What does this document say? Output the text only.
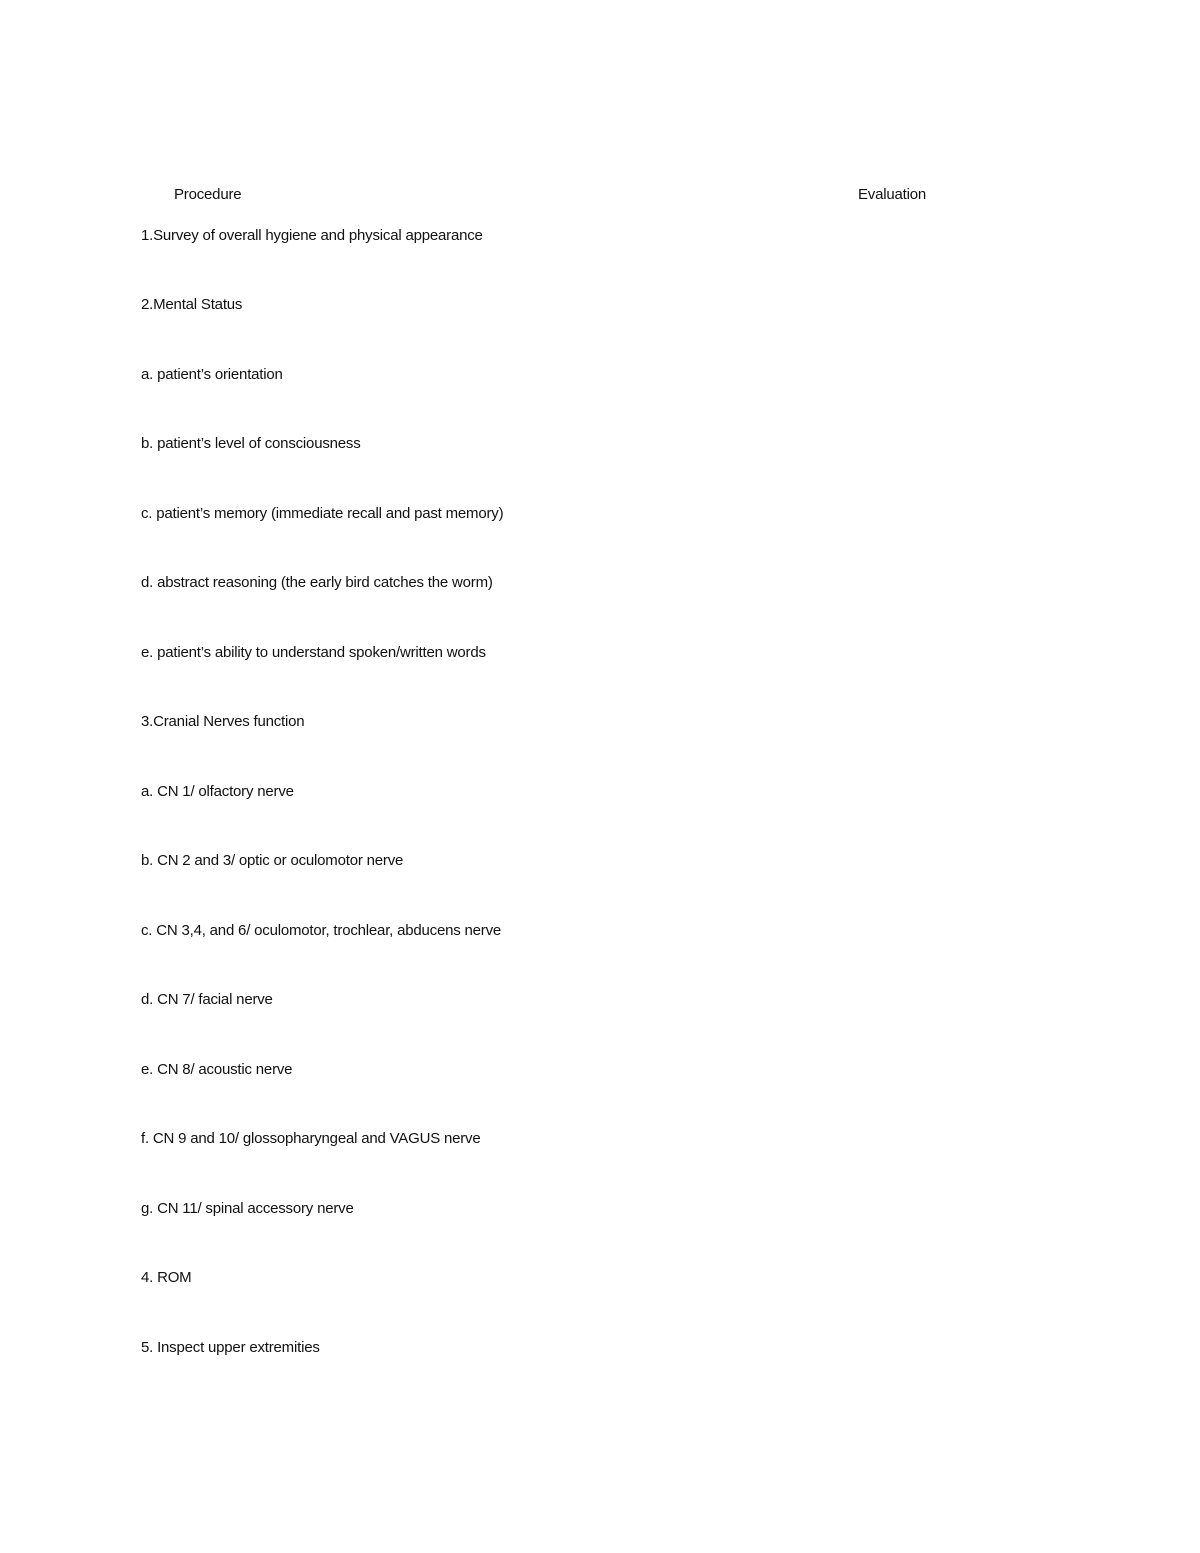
Procedure	Evaluation
1.Survey of overall hygiene and physical appearance
2.Mental Status
a. patient’s orientation
b. patient’s level of consciousness
c. patient’s memory (immediate recall and past memory)
d. abstract reasoning (the early bird catches the worm)
e. patient’s ability to understand spoken/written words
3.Cranial Nerves function
a. CN 1/ olfactory nerve
b. CN 2 and 3/ optic or oculomotor nerve
c. CN 3,4, and 6/ oculomotor, trochlear, abducens nerve
d. CN 7/ facial nerve
e. CN 8/ acoustic nerve
f. CN 9 and 10/ glossopharyngeal and VAGUS nerve
g. CN 11/ spinal accessory nerve
4. ROM
5. Inspect upper extremities
